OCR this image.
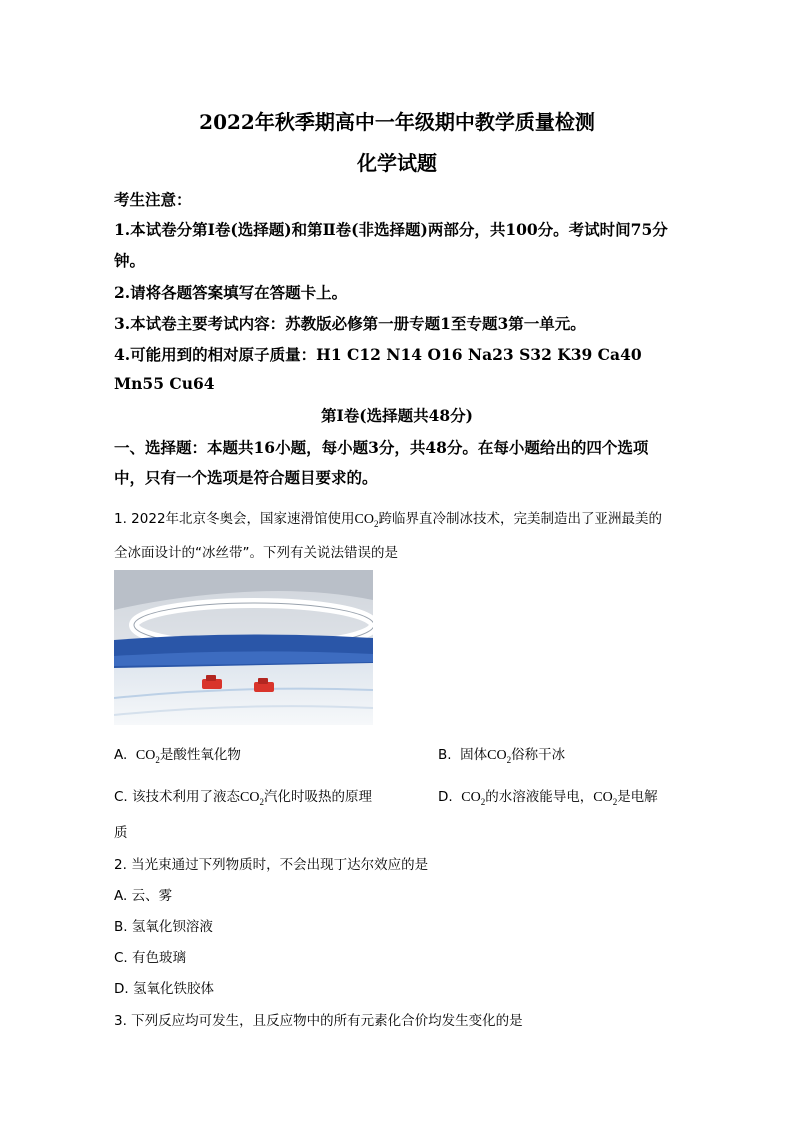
2022年秋季期高中一年级期中教学质量检测
化学试题
考生注意：
1.本试卷分第Ⅰ卷(选择题)和第Ⅱ卷(非选择题)两部分，共100分。考试时间75分
钟。
2.请将各题答案填写在答题卡上。
3.本试卷主要考试内容：苏教版必修第一册专题1至专题3第一单元。
4.可能用到的相对原子质量：H1 C12 N14 O16 Na23 S32 K39 Ca40
Mn55 Cu64
第Ⅰ卷(选择题共48分)
一、选择题：本题共16小题，每小题3分，共48分。在每小题给出的四个选项
中，只有一个选项是符合题目要求的。
1. 2022年北京冬奥会，国家速滑馆使用$CO_2$跨临界直冷制冰技术，完美制造出了亚洲最美的
全冰面设计的“冰丝带”。下列有关说法错误的是
A. $CO_2$是酸性氧化物	B. 固体$CO_2$俗称干冰
C. 该技术利用了液态$CO_2$汽化时吸热的原理	D. $CO_2$的水溶液能导电，$CO_2$是电解
质
2. 当光束通过下列物质时，不会出现丁达尔效应的是
A. 云、雾
B. 氢氧化钡溶液
C. 有色玻璃
D. 氢氧化铁胶体
3. 下列反应均可发生，且反应物中的所有元素化合价均发生变化的是
